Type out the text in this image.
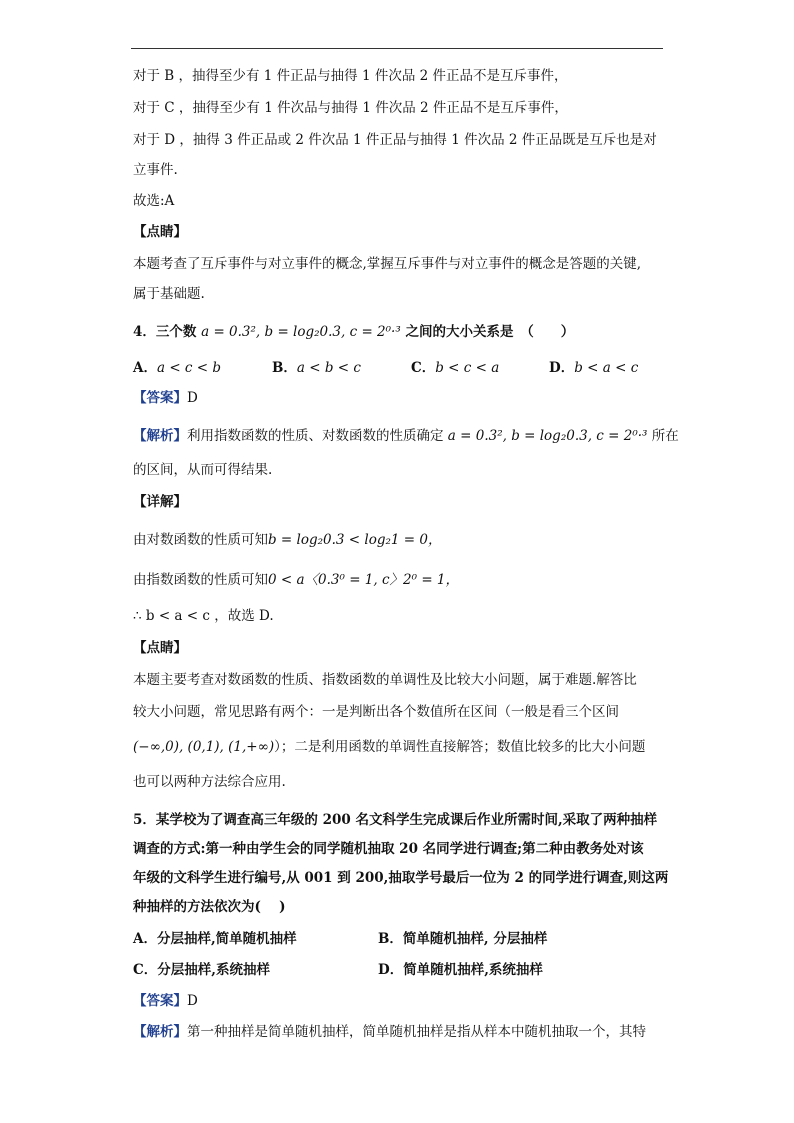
对于 B ，抽得至少有 1 件正品与抽得 1 件次品 2 件正品不是互斥事件，
对于 C ，抽得至少有 1 件次品与抽得 1 件次品 2 件正品不是互斥事件，
对于 D ，抽得 3 件正品或 2 件次品 1 件正品与抽得 1 件次品 2 件正品既是互斥也是对
立事件.
故选:A
【点睛】
本题考查了互斥事件与对立事件的概念,掌握互斥事件与对立事件的概念是答题的关键,
属于基础题.
4．三个数 a = 0.3², b = log₂0.3, c = 2⁰·³ 之间的大小关系是　（　　）
A．a < c < b	B．a < b < c	C．b < c < a	D．b < a < c
【答案】D
【解析】利用指数函数的性质、对数函数的性质确定 a = 0.3², b = log₂0.3, c = 2⁰·³ 所在
的区间，从而可得结果.
【详解】
由对数函数的性质可知b = log₂0.3 < log₂1 = 0，
由指数函数的性质可知0 < a〈0.3⁰ = 1, c〉2⁰ = 1，
∴ b < a < c ，故选 D.
【点睛】
本题主要考查对数函数的性质、指数函数的单调性及比较大小问题，属于难题.解答比
较大小问题，常见思路有两个：一是判断出各个数值所在区间（一般是看三个区间
(−∞,0), (0,1), (1,+∞)）；二是利用函数的单调性直接解答；数值比较多的比大小问题
也可以两种方法综合应用.
5．某学校为了调查高三年级的 200 名文科学生完成课后作业所需时间,采取了两种抽样
调查的方式:第一种由学生会的同学随机抽取 20 名同学进行调查;第二种由教务处对该
年级的文科学生进行编号,从 001 到 200,抽取学号最后一位为 2 的同学进行调查,则这两
种抽样的方法依次为(　 )
A．分层抽样,简单随机抽样	B．简单随机抽样, 分层抽样
C．分层抽样,系统抽样	D．简单随机抽样,系统抽样
【答案】D
【解析】第一种抽样是简单随机抽样，简单随机抽样是指从样本中随机抽取一个，其特
